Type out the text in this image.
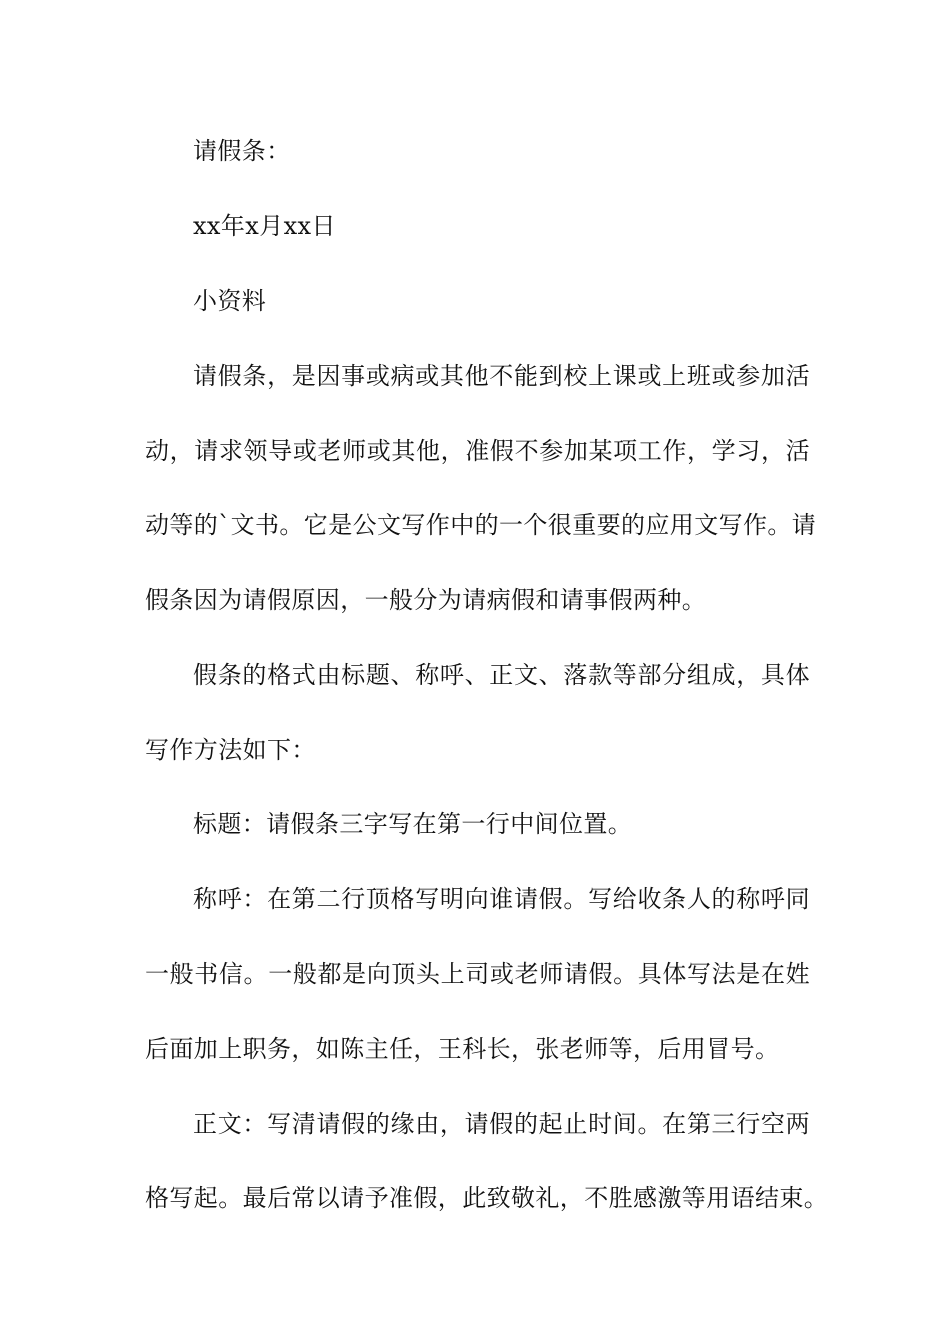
请假条：
xx年x月xx日
小资料
请假条，是因事或病或其他不能到校上课或上班或参加活
动，请求领导或老师或其他，准假不参加某项工作，学习，活
动等的`文书。它是公文写作中的一个很重要的应用文写作。请
假条因为请假原因，一般分为请病假和请事假两种。
假条的格式由标题、称呼、正文、落款等部分组成，具体
写作方法如下：
标题：请假条三字写在第一行中间位置。
称呼：在第二行顶格写明向谁请假。写给收条人的称呼同
一般书信。一般都是向顶头上司或老师请假。具体写法是在姓
后面加上职务，如陈主任，王科长，张老师等，后用冒号。
正文：写清请假的缘由，请假的起止时间。在第三行空两
格写起。最后常以请予准假，此致敬礼，不胜感激等用语结束。
